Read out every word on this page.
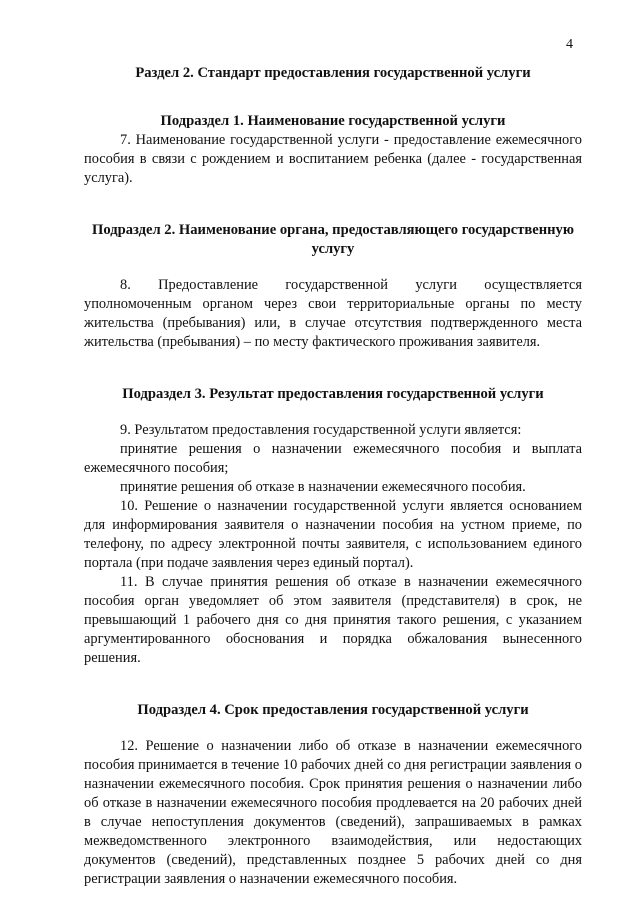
4
Раздел 2. Стандарт предоставления государственной услуги
Подраздел 1. Наименование государственной услуги

7. Наименование государственной услуги - предоставление ежемесячного пособия в связи с рождением и воспитанием ребенка (далее - государственная услуга).

Подраздел 2. Наименование органа, предоставляющего государственную услугу

8. Предоставление государственной услуги осуществляется уполномоченным органом через свои территориальные органы по месту жительства (пребывания) или, в случае отсутствия подтвержденного места жительства (пребывания) – по месту фактического проживания заявителя.

Подраздел 3. Результат предоставления государственной услуги

9. Результатом предоставления государственной услуги является:

принятие решения о назначении ежемесячного пособия и выплата ежемесячного пособия;

принятие решения об отказе в назначении ежемесячного пособия.

10. Решение о назначении государственной услуги является основанием для информирования заявителя о назначении пособия на устном приеме, по телефону, по адресу электронной почты заявителя, с использованием единого портала (при подаче заявления через единый портал).

11. В случае принятия решения об отказе в назначении ежемесячного пособия орган уведомляет об этом заявителя (представителя) в срок, не превышающий 1 рабочего дня со дня принятия такого решения, с указанием аргументированного обоснования и порядка обжалования вынесенного решения.

Подраздел 4. Срок предоставления государственной услуги

12. Решение о назначении либо об отказе в назначении ежемесячного пособия принимается в течение 10 рабочих дней со дня регистрации заявления о назначении ежемесячного пособия. Срок принятия решения о назначении либо об отказе в назначении ежемесячного пособия продлевается на 20 рабочих дней в случае непоступления документов (сведений), запрашиваемых в рамках межведомственного электронного взаимодействия, или недостающих документов (сведений), представленных позднее 5 рабочих дней со дня регистрации заявления о назначении ежемесячного пособия.
